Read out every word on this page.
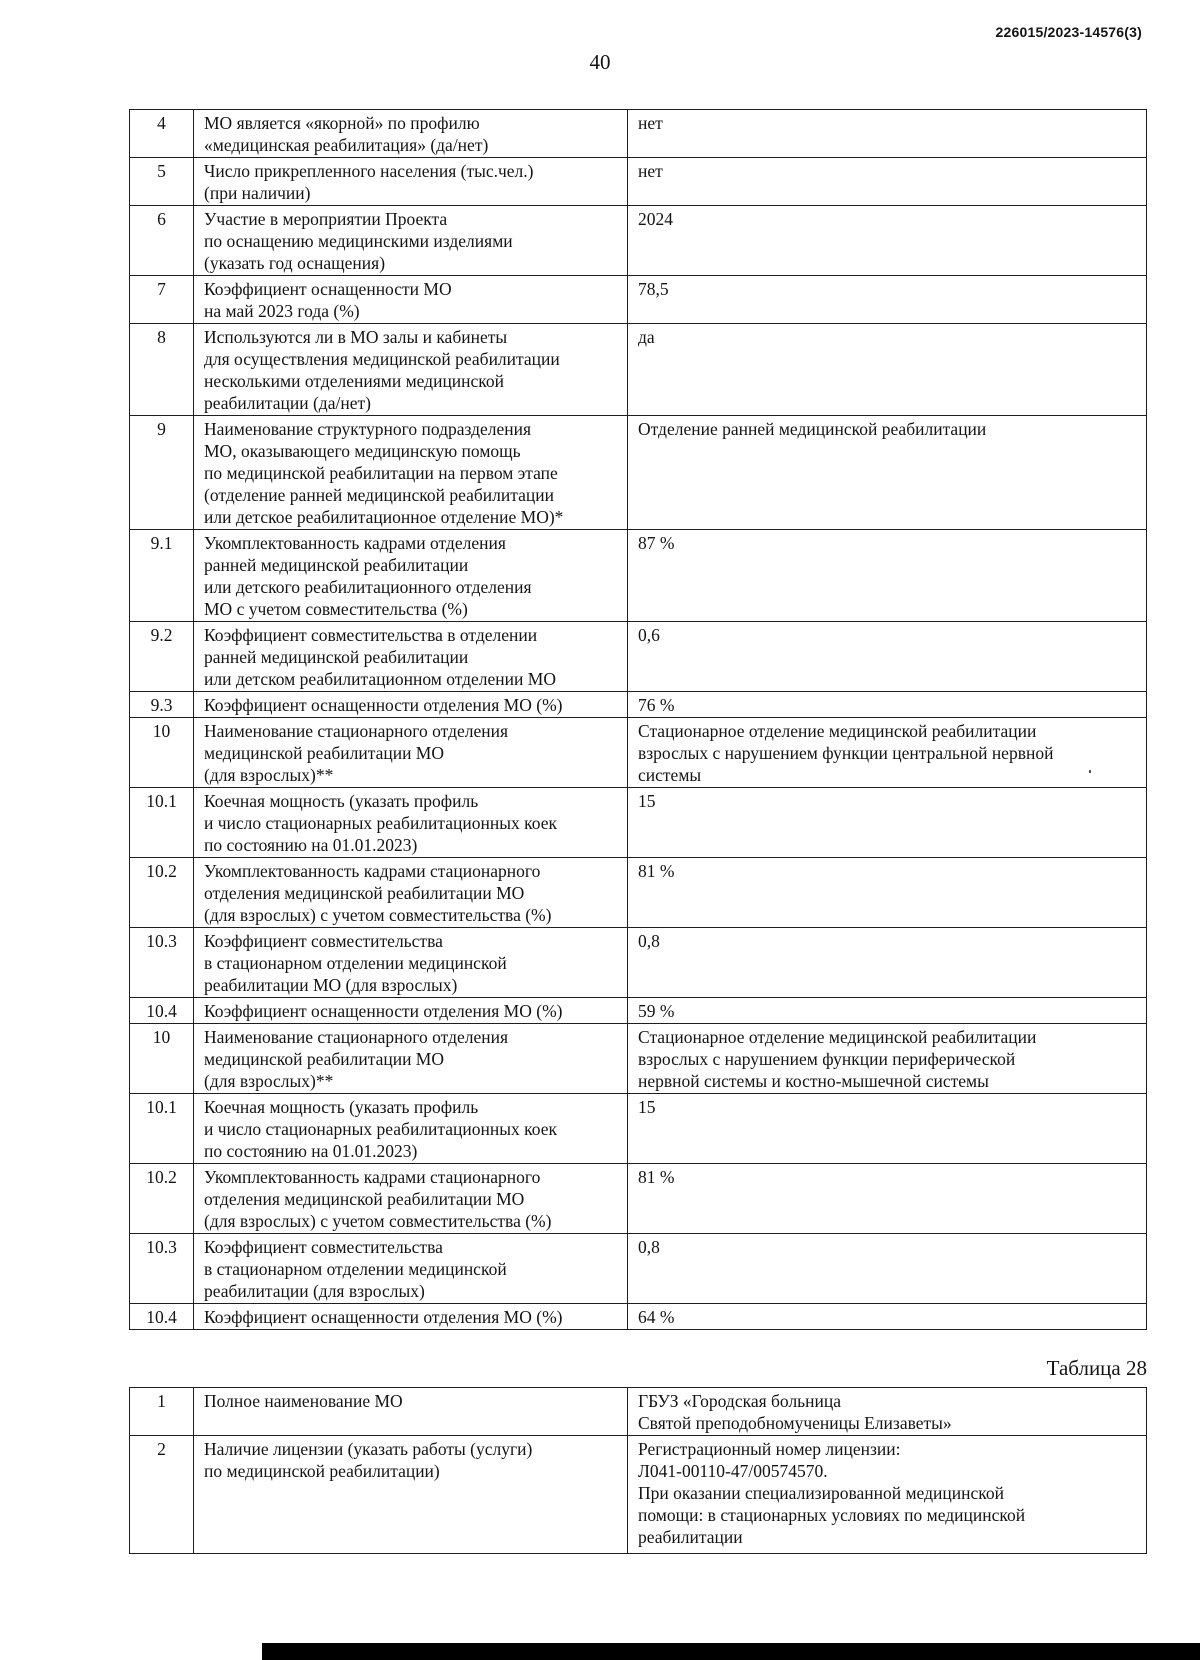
226015/2023-14576(3)
40
4	МО является «якорной» по профилю
«медицинская реабилитация» (да/нет)	нет
5	Число прикрепленного населения (тыс.чел.)
(при наличии)	нет
6	Участие в мероприятии Проекта
по оснащению медицинскими изделиями
(указать год оснащения)	2024
7	Коэффициент оснащенности МО
на май 2023 года (%)	78,5
8	Используются ли в МО залы и кабинеты
для осуществления медицинской реабилитации
несколькими отделениями медицинской
реабилитации (да/нет)	да
9	Наименование структурного подразделения
МО, оказывающего медицинскую помощь
по медицинской реабилитации на первом этапе
(отделение ранней медицинской реабилитации
или детское реабилитационное отделение МО)*	Отделение ранней медицинской реабилитации
9.1	Укомплектованность кадрами отделения
ранней медицинской реабилитации
или детского реабилитационного отделения
МО с учетом совместительства (%)	87 %
9.2	Коэффициент совместительства в отделении
ранней медицинской реабилитации
или детском реабилитационном отделении МО	0,6
9.3	Коэффициент оснащенности отделения МО (%)	76 %
10	Наименование стационарного отделения
медицинской реабилитации МО
(для взрослых)**	Стационарное отделение медицинской реабилитации
взрослых с нарушением функции центральной нервной
системы
10.1	Коечная мощность (указать профиль
и число стационарных реабилитационных коек
по состоянию на 01.01.2023)	15
10.2	Укомплектованность кадрами стационарного
отделения медицинской реабилитации МО
(для взрослых) с учетом совместительства (%)	81 %
10.3	Коэффициент совместительства
в стационарном отделении медицинской
реабилитации МО (для взрослых)	0,8
10.4	Коэффициент оснащенности отделения МО (%)	59 %
10	Наименование стационарного отделения
медицинской реабилитации МО
(для взрослых)**	Стационарное отделение медицинской реабилитации
взрослых с нарушением функции периферической
нервной системы и костно-мышечной системы
10.1	Коечная мощность (указать профиль
и число стационарных реабилитационных коек
по состоянию на 01.01.2023)	15
10.2	Укомплектованность кадрами стационарного
отделения медицинской реабилитации МО
(для взрослых) с учетом совместительства (%)	81 %
10.3	Коэффициент совместительства
в стационарном отделении медицинской
реабилитации (для взрослых)	0,8
10.4	Коэффициент оснащенности отделения МО (%)	64 %
Таблица 28
1	Полное наименование МО	ГБУЗ «Городская больница
Святой преподобномученицы Елизаветы»
2	Наличие лицензии (указать работы (услуги)
по медицинской реабилитации)	Регистрационный номер лицензии:
Л041-00110-47/00574570.
При оказании специализированной медицинской
помощи: в стационарных условиях по медицинской
реабилитации
